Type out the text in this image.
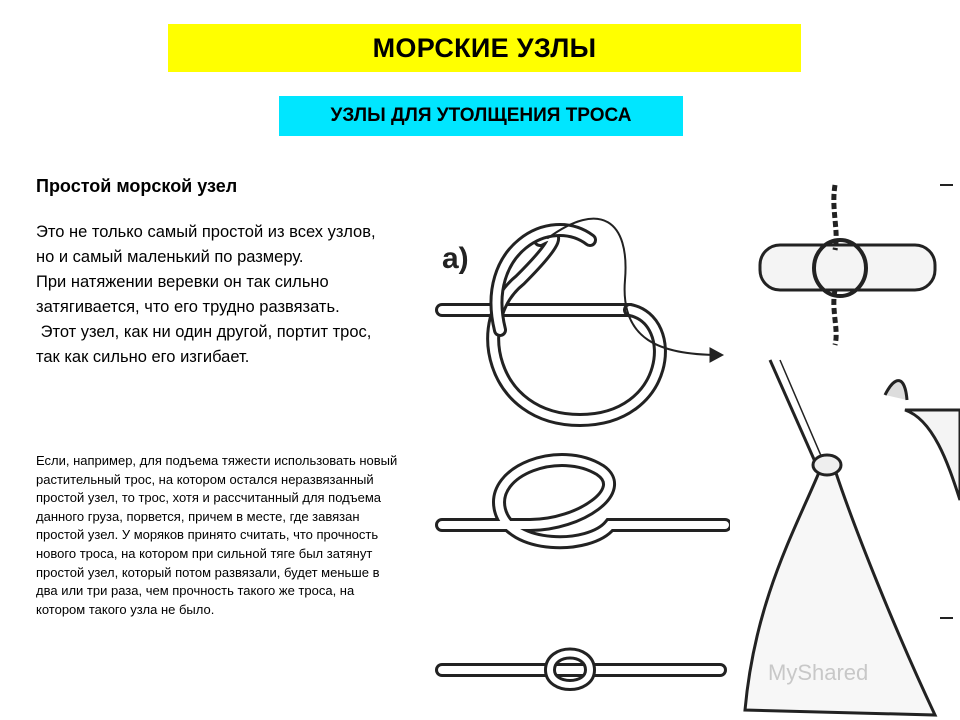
МОРСКИЕ УЗЛЫ
УЗЛЫ ДЛЯ УТОЛЩЕНИЯ ТРОСА
Простой морской узел

Это не только самый простой из всех узлов, но и самый маленький по размеру.

При натяжении веревки он так сильно затягивается, что его трудно развязать.

Этот узел, как ни один другой, портит трос, так как сильно его изгибает.

Если, например, для подъема тяжести использовать новый растительный трос, на котором остался неразвязанный простой узел, то трос, хотя и рассчитанный для подъема данного груза, порвется, причем в месте, где завязан простой узел. У моряков принято считать, что прочность нового троса, на котором при сильной тяге был затянут простой узел, который потом развязали, будет меньше в два или три раза, чем прочность такого же троса, на котором такого узла не было.
а)
MyShared
